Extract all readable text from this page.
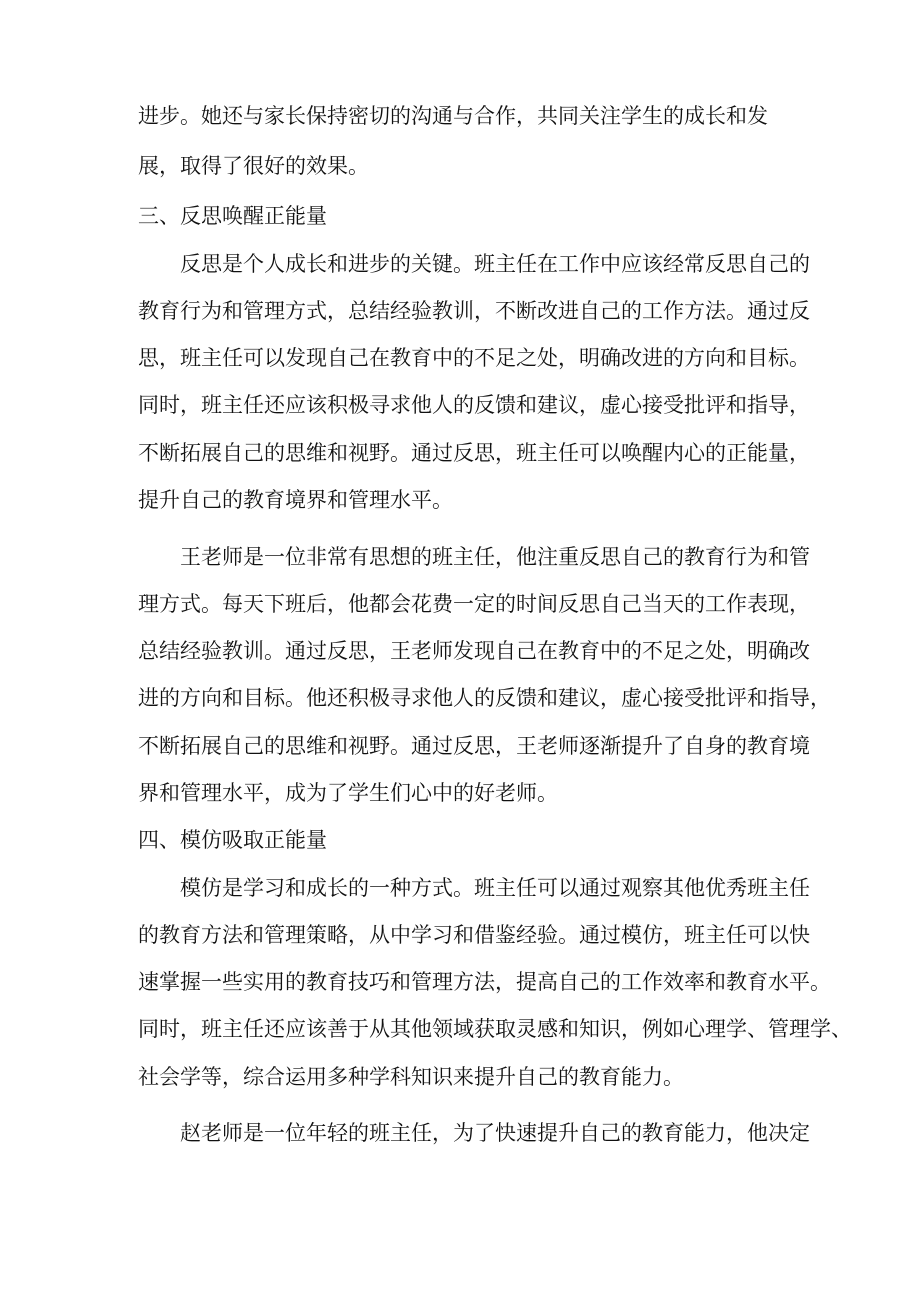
进步。她还与家长保持密切的沟通与合作，共同关注学生的成长和发

展，取得了很好的效果。

三、反思唤醒正能量

反思是个人成长和进步的关键。班主任在工作中应该经常反思自己的

教育行为和管理方式，总结经验教训，不断改进自己的工作方法。通过反

思，班主任可以发现自己在教育中的不足之处，明确改进的方向和目标。

同时，班主任还应该积极寻求他人的反馈和建议，虚心接受批评和指导，

不断拓展自己的思维和视野。通过反思，班主任可以唤醒内心的正能量，

提升自己的教育境界和管理水平。

王老师是一位非常有思想的班主任，他注重反思自己的教育行为和管

理方式。每天下班后，他都会花费一定的时间反思自己当天的工作表现，

总结经验教训。通过反思，王老师发现自己在教育中的不足之处，明确改

进的方向和目标。他还积极寻求他人的反馈和建议，虚心接受批评和指导，

不断拓展自己的思维和视野。通过反思，王老师逐渐提升了自身的教育境

界和管理水平，成为了学生们心中的好老师。

四、模仿吸取正能量

模仿是学习和成长的一种方式。班主任可以通过观察其他优秀班主任

的教育方法和管理策略，从中学习和借鉴经验。通过模仿，班主任可以快

速掌握一些实用的教育技巧和管理方法，提高自己的工作效率和教育水平。

同时，班主任还应该善于从其他领域获取灵感和知识，例如心理学、管理学、

社会学等，综合运用多种学科知识来提升自己的教育能力。

赵老师是一位年轻的班主任，为了快速提升自己的教育能力，他决定
